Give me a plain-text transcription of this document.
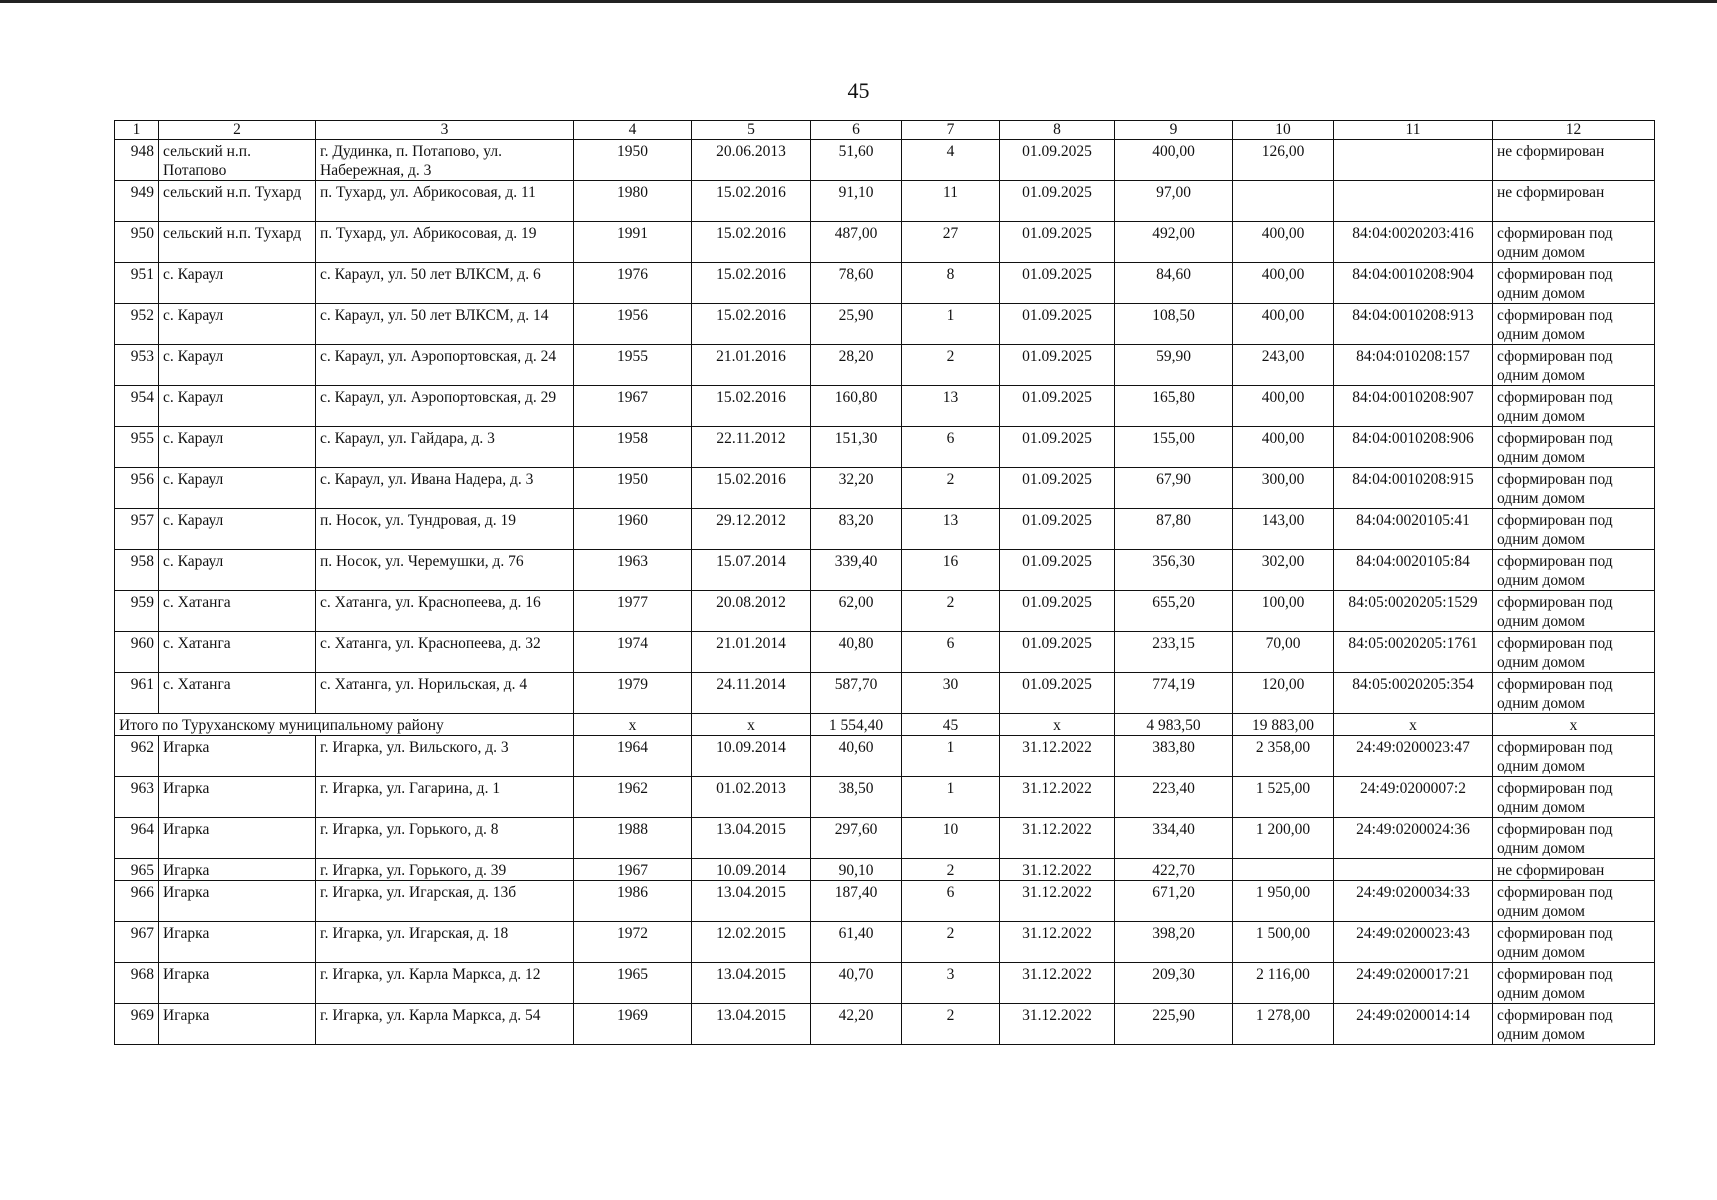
45
1	2	3	4	5	6	7	8	9	10	11	12
948	сельский н.п. Потапово	г. Дудинка, п. Потапово, ул. Набережная, д. 3	1950	20.06.2013	51,60	4	01.09.2025	400,00	126,00		не сформирован
949	сельский н.п. Тухард	п. Тухард, ул. Абрикосовая, д. 11	1980	15.02.2016	91,10	11	01.09.2025	97,00			не сформирован
950	сельский н.п. Тухард	п. Тухард, ул. Абрикосовая, д. 19	1991	15.02.2016	487,00	27	01.09.2025	492,00	400,00	84:04:0020203:416	сформирован под одним домом
951	с. Караул	с. Караул, ул. 50 лет ВЛКСМ, д. 6	1976	15.02.2016	78,60	8	01.09.2025	84,60	400,00	84:04:0010208:904	сформирован под одним домом
952	с. Караул	с. Караул, ул. 50 лет ВЛКСМ, д. 14	1956	15.02.2016	25,90	1	01.09.2025	108,50	400,00	84:04:0010208:913	сформирован под одним домом
953	с. Караул	с. Караул, ул. Аэропортовская, д. 24	1955	21.01.2016	28,20	2	01.09.2025	59,90	243,00	84:04:010208:157	сформирован под одним домом
954	с. Караул	с. Караул, ул. Аэропортовская, д. 29	1967	15.02.2016	160,80	13	01.09.2025	165,80	400,00	84:04:0010208:907	сформирован под одним домом
955	с. Караул	с. Караул, ул. Гайдара, д. 3	1958	22.11.2012	151,30	6	01.09.2025	155,00	400,00	84:04:0010208:906	сформирован под одним домом
956	с. Караул	с. Караул, ул. Ивана Надера, д. 3	1950	15.02.2016	32,20	2	01.09.2025	67,90	300,00	84:04:0010208:915	сформирован под одним домом
957	с. Караул	п. Носок, ул. Тундровая, д. 19	1960	29.12.2012	83,20	13	01.09.2025	87,80	143,00	84:04:0020105:41	сформирован под одним домом
958	с. Караул	п. Носок, ул. Черемушки, д. 76	1963	15.07.2014	339,40	16	01.09.2025	356,30	302,00	84:04:0020105:84	сформирован под одним домом
959	с. Хатанга	с. Хатанга, ул. Краснопеева, д. 16	1977	20.08.2012	62,00	2	01.09.2025	655,20	100,00	84:05:0020205:1529	сформирован под одним домом
960	с. Хатанга	с. Хатанга, ул. Краснопеева, д. 32	1974	21.01.2014	40,80	6	01.09.2025	233,15	70,00	84:05:0020205:1761	сформирован под одним домом
961	с. Хатанга	с. Хатанга, ул. Норильская, д. 4	1979	24.11.2014	587,70	30	01.09.2025	774,19	120,00	84:05:0020205:354	сформирован под одним домом
Итого по Туруханскому муниципальному району			х	х	1 554,40	45	х	4 983,50	19 883,00	х	х
962	Игарка	г. Игарка, ул. Вильского, д. 3	1964	10.09.2014	40,60	1	31.12.2022	383,80	2 358,00	24:49:0200023:47	сформирован под одним домом
963	Игарка	г. Игарка, ул. Гагарина, д. 1	1962	01.02.2013	38,50	1	31.12.2022	223,40	1 525,00	24:49:0200007:2	сформирован под одним домом
964	Игарка	г. Игарка, ул. Горького, д. 8	1988	13.04.2015	297,60	10	31.12.2022	334,40	1 200,00	24:49:0200024:36	сформирован под одним домом
965	Игарка	г. Игарка, ул. Горького, д. 39	1967	10.09.2014	90,10	2	31.12.2022	422,70			не сформирован
966	Игарка	г. Игарка, ул. Игарская, д. 13б	1986	13.04.2015	187,40	6	31.12.2022	671,20	1 950,00	24:49:0200034:33	сформирован под одним домом
967	Игарка	г. Игарка, ул. Игарская, д. 18	1972	12.02.2015	61,40	2	31.12.2022	398,20	1 500,00	24:49:0200023:43	сформирован под одним домом
968	Игарка	г. Игарка, ул. Карла Маркса, д. 12	1965	13.04.2015	40,70	3	31.12.2022	209,30	2 116,00	24:49:0200017:21	сформирован под одним домом
969	Игарка	г. Игарка, ул. Карла Маркса, д. 54	1969	13.04.2015	42,20	2	31.12.2022	225,90	1 278,00	24:49:0200014:14	сформирован под одним домом
